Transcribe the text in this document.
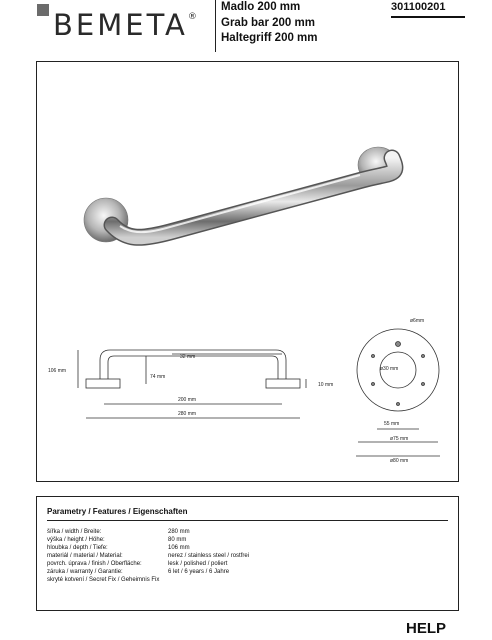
BEMETA®
Madlo 200 mm
Grab bar 200 mm
Haltegriff 200 mm
301100201
106 mm
32 mm
74 mm
10 mm
200 mm
280 mm
ø6mm
ø30 mm
55 mm
ø75 mm
ø80 mm
Parametry / Features / Eigenschaften
šířka / width / Breite:	280 mm
výška / height / Höhe:	80 mm
hloubka / depth / Tiefe:	106 mm
materiál / material / Material:	nerez / stainless steel / rostfrei
povrch. úprava / finish / Oberfläche:	lesk / polished / poliert
záruka / warranty / Garantie:	6 let / 6 years / 6 Jahre
skryté kotvení / Secret Fix / Geheimnis Fix
HELP
